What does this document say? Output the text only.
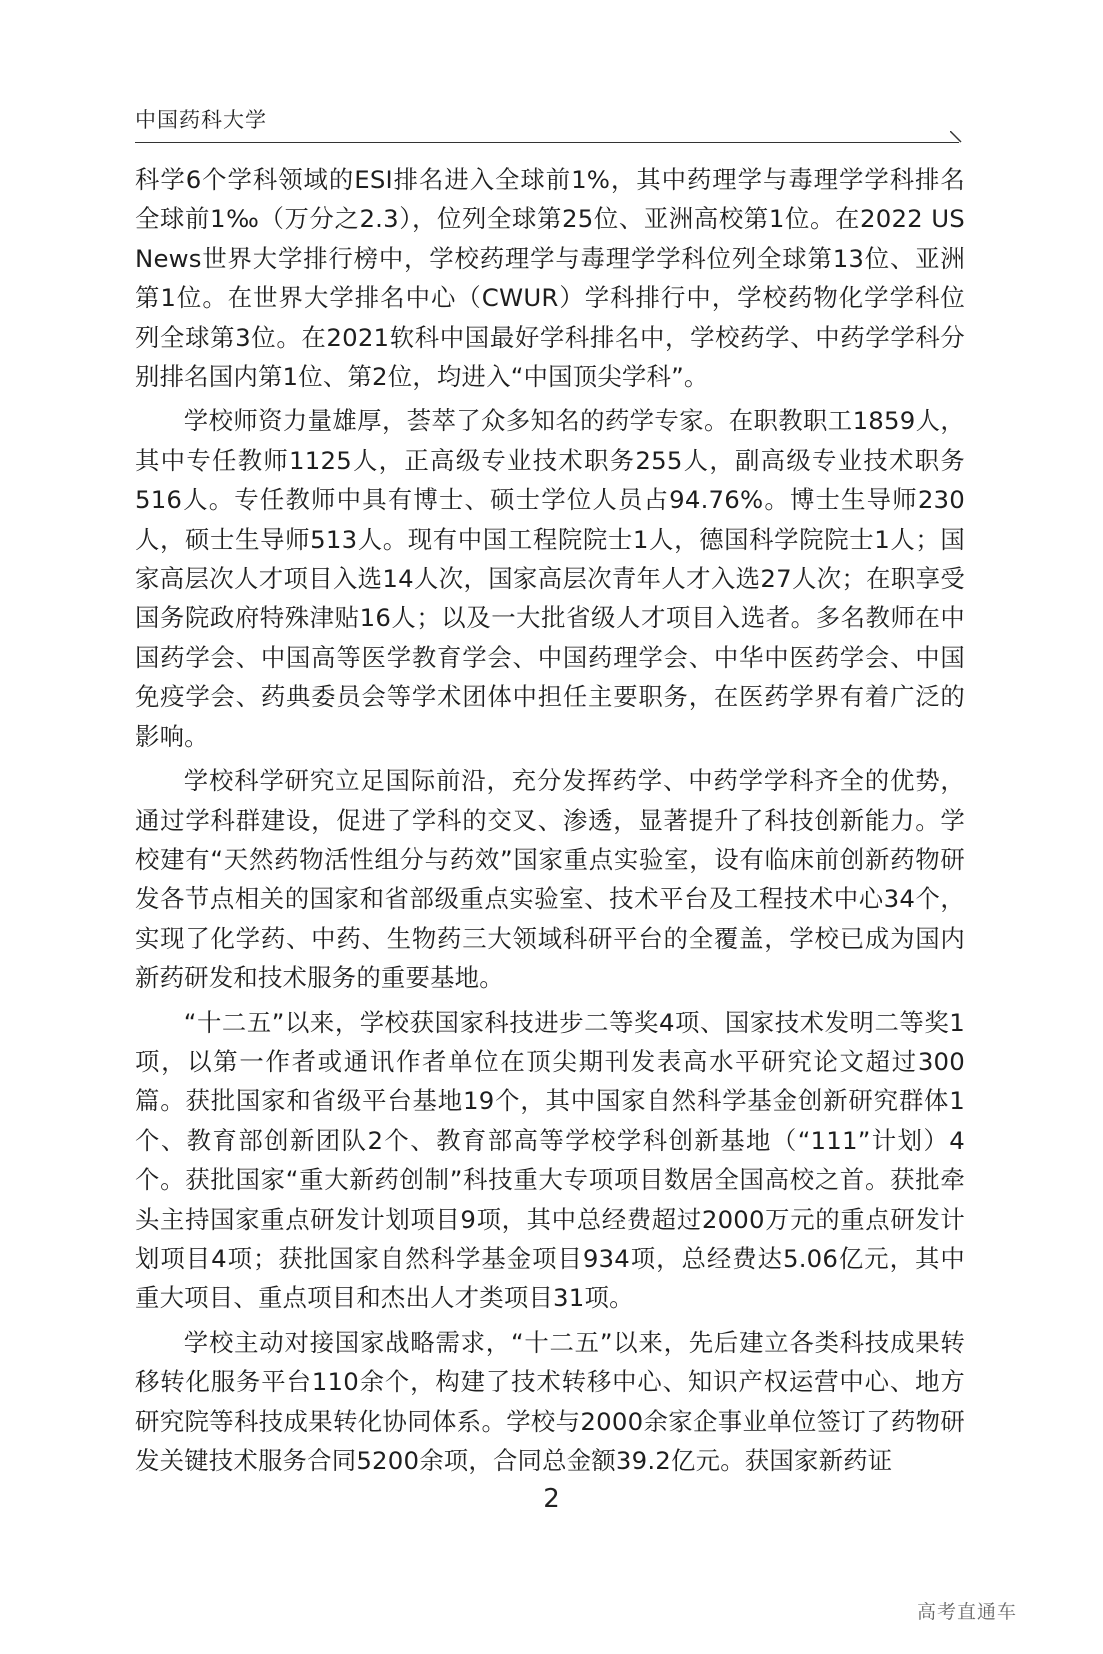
中国药科大学

科学6个学科领域的ESI排名进入全球前1%，其中药理学与毒理学学科排名全球前1‰（万分之2.3），位列全球第25位、亚洲高校第1位。在2022 US News世界大学排行榜中，学校药理学与毒理学学科位列全球第13位、亚洲第1位。在世界大学排名中心（CWUR）学科排行中，学校药物化学学科位列全球第3位。在2021软科中国最好学科排名中，学校药学、中药学学科分别排名国内第1位、第2位，均进入“中国顶尖学科”。

学校师资力量雄厚，荟萃了众多知名的药学专家。在职教职工1859人，其中专任教师1125人，正高级专业技术职务255人，副高级专业技术职务516人。专任教师中具有博士、硕士学位人员占94.76%。博士生导师230人，硕士生导师513人。现有中国工程院院士1人，德国科学院院士1人；国家高层次人才项目入选14人次，国家高层次青年人才入选27人次；在职享受国务院政府特殊津贴16人；以及一大批省级人才项目入选者。多名教师在中国药学会、中国高等医学教育学会、中国药理学会、中华中医药学会、中国免疫学会、药典委员会等学术团体中担任主要职务，在医药学界有着广泛的影响。

学校科学研究立足国际前沿，充分发挥药学、中药学学科齐全的优势，通过学科群建设，促进了学科的交叉、渗透，显著提升了科技创新能力。学校建有“天然药物活性组分与药效”国家重点实验室，设有临床前创新药物研发各节点相关的国家和省部级重点实验室、技术平台及工程技术中心34个，实现了化学药、中药、生物药三大领域科研平台的全覆盖，学校已成为国内新药研发和技术服务的重要基地。

“十二五”以来，学校获国家科技进步二等奖4项、国家技术发明二等奖1项，以第一作者或通讯作者单位在顶尖期刊发表高水平研究论文超过300篇。获批国家和省级平台基地19个，其中国家自然科学基金创新研究群体1个、教育部创新团队2个、教育部高等学校学科创新基地（“111”计划）4个。获批国家“重大新药创制”科技重大专项项目数居全国高校之首。获批牵头主持国家重点研发计划项目9项，其中总经费超过2000万元的重点研发计划项目4项；获批国家自然科学基金项目934项，总经费达5.06亿元，其中重大项目、重点项目和杰出人才类项目31项。

学校主动对接国家战略需求，“十二五”以来，先后建立各类科技成果转移转化服务平台110余个，构建了技术转移中心、知识产权运营中心、地方研究院等科技成果转化协同体系。学校与2000余家企事业单位签订了药物研发关键技术服务合同5200余项，合同总金额39.2亿元。获国家新药证

2
高考直通车
